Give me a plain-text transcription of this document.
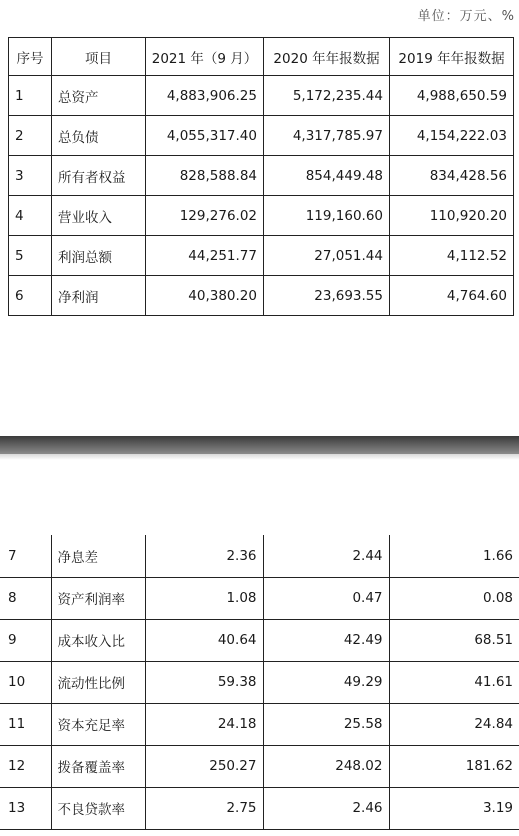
单位：万元、%
序号	项目	2021 年（9 月）	2020 年年报数据	2019 年年报数据
1	总资产	4,883,906.25	5,172,235.44	4,988,650.59
2	总负债	4,055,317.40	4,317,785.97	4,154,222.03
3	所有者权益	828,588.84	854,449.48	834,428.56
4	营业收入	129,276.02	119,160.60	110,920.20
5	利润总额	44,251.77	27,051.44	4,112.52
6	净利润	40,380.20	23,693.55	4,764.60
7	净息差	2.36	2.44	1.66
8	资产利润率	1.08	0.47	0.08
9	成本收入比	40.64	42.49	68.51
10	流动性比例	59.38	49.29	41.61
11	资本充足率	24.18	25.58	24.84
12	拨备覆盖率	250.27	248.02	181.62
13	不良贷款率	2.75	2.46	3.19
